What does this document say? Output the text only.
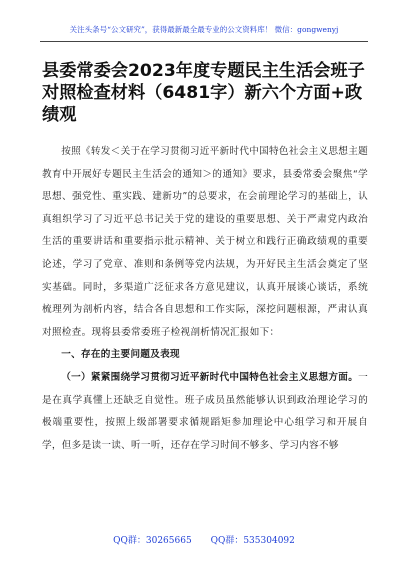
关注头条号“公文研究”，获得最新最全最专业的公文资料库！ 微信：gongwenyj
县委常委会2023年度专题民主生活会班子对照检查材料（6481字）新六个方面+政绩观

按照《转发＜关于在学习贯彻习近平新时代中国特色社会主义思想主题教育中开展好专题民主生活会的通知＞的通知》要求，县委常委会聚焦“学思想、强党性、重实践、建新功”的总要求，在会前理论学习的基础上，认真组织学习了习近平总书记关于党的建设的重要思想、关于严肃党内政治生活的重要讲话和重要指示批示精神、关于树立和践行正确政绩观的重要论述，学习了党章、准则和条例等党内法规，为开好民主生活会奠定了坚实基础。同时，多渠道广泛征求各方意见建议，认真开展谈心谈话，系统梳理列为剖析内容，结合各自思想和工作实际，深挖问题根源，严肃认真对照检查。现将县委常委班子检视剖析情况汇报如下：

一、存在的主要问题及表现

（一）紧紧围绕学习贯彻习近平新时代中国特色社会主义思想方面。一是在真学真懂上还缺乏自觉性。班子成员虽然能够认识到政治理论学习的极端重要性，按照上级部署要求循规蹈矩参加理论中心组学习和开展自学，但多是读一读、听一听，还存在学习时间不够多、学习内容不够

QQ群：30265665 QQ群：535304092
